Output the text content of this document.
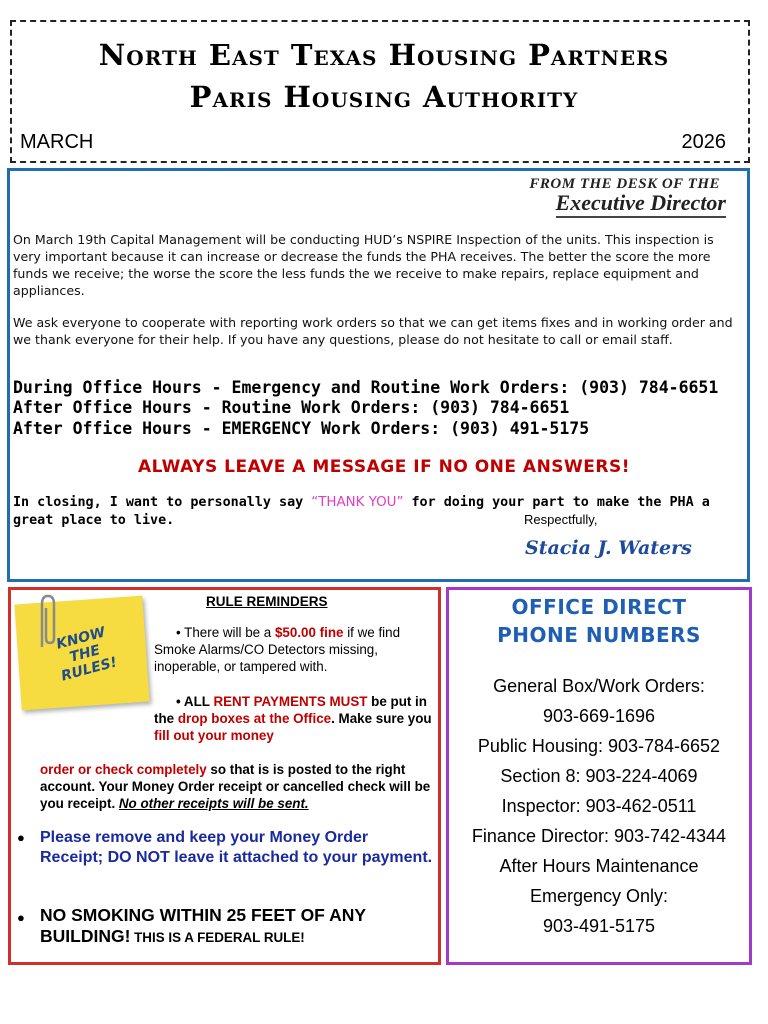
North East Texas Housing Partners
Paris Housing Authority
MARCH	2026
FROM THE DESK OF THE
Executive Director
On March 19th Capital Management will be conducting HUD’s NSPIRE Inspection of the units. This inspection is very important because it can increase or decrease the funds the PHA receives. The better the score the more funds we receive; the worse the score the less funds the we receive to make repairs, replace equipment and appliances.
We ask everyone to cooperate with reporting work orders so that we can get items fixes and in working order and we thank everyone for their help. If you have any questions, please do not hesitate to call or email staff.
During Office Hours - Emergency and Routine Work Orders: (903) 784-6651
After Office Hours - Routine Work Orders: (903) 784-6651
After Office Hours - EMERGENCY Work Orders: (903) 491-5175
ALWAYS LEAVE A MESSAGE IF NO ONE ANSWERS!
In closing, I want to personally say “THANK YOU” for doing your part to make the PHA a great place to live.	Respectfully,
Stacia J. Waters
KNOW THE RULES!
RULE REMINDERS
• There will be a $50.00 fine if we find Smoke Alarms/CO Detectors missing, inoperable, or tampered with.
• ALL RENT PAYMENTS MUST be put in the drop boxes at the Office. Make sure you fill out your money
order or check completely so that is is posted to the right account. Your Money Order receipt or cancelled check will be you receipt. No other receipts will be sent.
● Please remove and keep your Money Order Receipt; DO NOT leave it attached to your payment.
● NO SMOKING WITHIN 25 FEET OF ANY BUILDING! THIS IS A FEDERAL RULE!
OFFICE DIRECT
PHONE NUMBERS
General Box/Work Orders:
903-669-1696
Public Housing: 903-784-6652
Section 8: 903-224-4069
Inspector: 903-462-0511
Finance Director: 903-742-4344
After Hours Maintenance
Emergency Only:
903-491-5175
